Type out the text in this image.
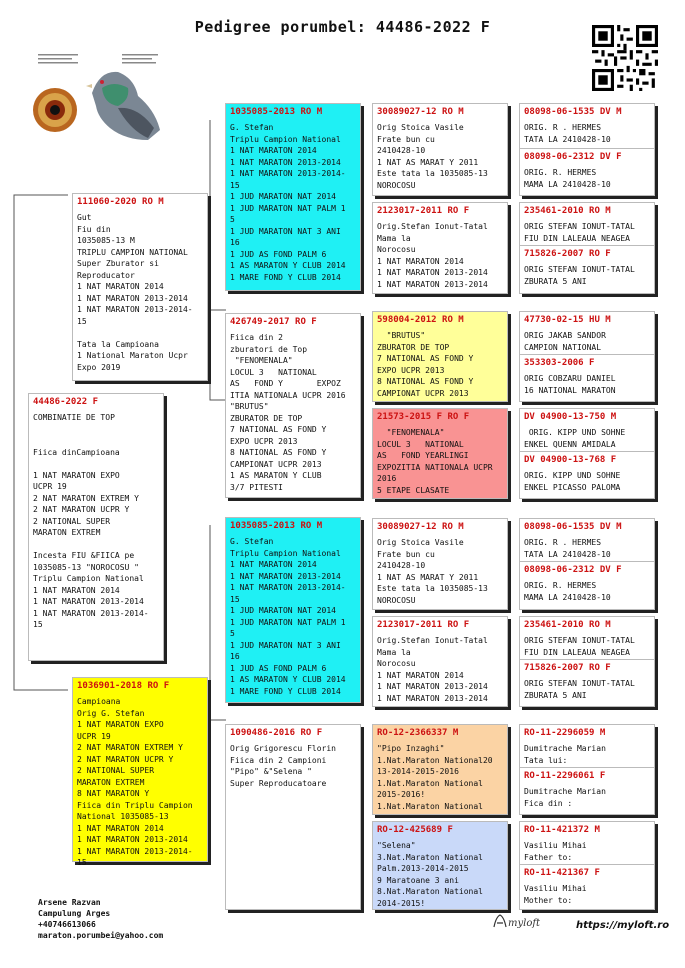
Pedigree porumbel: 44486-2022 F
44486-2022 F

COMBINATIE DE TOP

Fiica dinCampioana

1 NAT MARATON EXPO
UCPR 19
2 NAT MARATON EXTREM Y
2 NAT MARATON UCPR Y
2 NATIONAL SUPER
MARATON EXTREM

Incesta FIU &FIICA pe
1035085-13 "NOROCOSU "
Triplu Campion National
1 NAT MARATON 2014
1 NAT MARATON 2013-2014
1 NAT MARATON 2013-2014-
15

111060-2020 RO M

Gut
Fiu din
1035085-13 M
TRIPLU CAMPION NATIONAL
Super Zburator si
Reproducator
1 NAT MARATON 2014
1 NAT MARATON 2013-2014
1 NAT MARATON 2013-2014-
15

Tata la Campioana
1 National Maraton Ucpr
Expo 2019

1036901-2018 RO F

Campioana
Orig G. Stefan
1 NAT MARATON EXPO
UCPR 19
2 NAT MARATON EXTREM Y
2 NAT MARATON UCPR Y
2 NATIONAL SUPER
MARATON EXTREM
8 NAT MARATON Y
Fiica din Triplu Campion
National 1035085-13
1 NAT MARATON 2014
1 NAT MARATON 2013-2014
1 NAT MARATON 2013-2014-
15

1035085-2013 RO M

G. Stefan
Triplu Campion National
1 NAT MARATON 2014
1 NAT MARATON 2013-2014
1 NAT MARATON 2013-2014-
15
1 JUD MARATON NAT 2014
1 JUD MARATON NAT PALM 1
5
1 JUD MARATON NAT 3 ANI
16
1 JUD AS FOND PALM 6
1 AS MARATON Y CLUB 2014
1 MARE FOND Y CLUB 2014

426749-2017 RO F

Fiica din 2
zburatori de Top
"FENOMENALA"
LOCUL 3   NATIONAL
AS   FOND Y       EXPOZ
ITIA NATIONALA UCPR 2016
"BRUTUS"
ZBURATOR DE TOP
7 NATIONAL AS FOND Y
EXPO UCPR 2013
8 NATIONAL AS FOND Y
CAMPIONAT UCPR 2013
1 AS MARATON Y CLUB
3/7 PITESTI

1035085-2013 RO M

G. Stefan
Triplu Campion National
1 NAT MARATON 2014
1 NAT MARATON 2013-2014
1 NAT MARATON 2013-2014-
15
1 JUD MARATON NAT 2014
1 JUD MARATON NAT PALM 1
5
1 JUD MARATON NAT 3 ANI
16
1 JUD AS FOND PALM 6
1 AS MARATON Y CLUB 2014
1 MARE FOND Y CLUB 2014

1090486-2016 RO F

Orig Grigorescu Florin
Fiica din 2 Campioni
"Pipo" &"Selena "
Super Reproducatoare

30089027-12 RO M

Orig Stoica Vasile
Frate bun cu
2410428-10
1 NAT AS MARAT Y 2011
Este tata la 1035085-13
NOROCOSU

2123017-2011 RO F

Orig.Stefan Ionut-Tatal
Mama la
Norocosu
1 NAT MARATON 2014
1 NAT MARATON 2013-2014
1 NAT MARATON 2013-2014

598004-2012 RO M

"BRUTUS"
ZBURATOR DE TOP
7 NATIONAL AS FOND Y
EXPO UCPR 2013
8 NATIONAL AS FOND Y
CAMPIONAT UCPR 2013

21573-2015 F RO F

"FENOMENALA"
LOCUL 3   NATIONAL
AS   FOND YEARLINGI
EXPOZITIA NATIONALA UCPR
2016
5 ETAPE CLASATE

30089027-12 RO M

Orig Stoica Vasile
Frate bun cu
2410428-10
1 NAT AS MARAT Y 2011
Este tata la 1035085-13
NOROCOSU

2123017-2011 RO F

Orig.Stefan Ionut-Tatal
Mama la
Norocosu
1 NAT MARATON 2014
1 NAT MARATON 2013-2014
1 NAT MARATON 2013-2014

RO-12-2366337 M

"Pipo Inzaghi"
1.Nat.Maraton National20
13-2014-2015-2016
1.Nat.Maraton National
2015-2016!
1.Nat.Maraton National

RO-12-425689 F

"Selena"
3.Nat.Maraton National
Palm.2013-2014-2015
9 Maratoane 3 ani
8.Nat.Maraton National
2014-2015!

08098-06-1535 DV M

ORIG. R . HERMES
TATA LA 2410428-10

08098-06-2312 DV F

ORIG. R. HERMES
MAMA LA 2410428-10

235461-2010 RO M

ORIG STEFAN IONUT-TATAL
FIU DIN LALEAUA NEAGEA

715826-2007 RO F

ORIG STEFAN IONUT-TATAL
ZBURATA 5 ANI

47730-02-15 HU M

ORIG JAKAB SANDOR
CAMPION NATIONAL

353303-2006 F

ORIG COBZARU DANIEL
16 NATIONAL MARATON

DV 04900-13-750 M

ORIG. KIPP UND SOHNE
ENKEL QUENN AMIDALA

DV 04900-13-768 F

ORIG. KIPP UND SOHNE
ENKEL PICASSO PALOMA

08098-06-1535 DV M

ORIG. R . HERMES
TATA LA 2410428-10

08098-06-2312 DV F

ORIG. R. HERMES
MAMA LA 2410428-10

235461-2010 RO M

ORIG STEFAN IONUT-TATAL
FIU DIN LALEAUA NEAGEA

715826-2007 RO F

ORIG STEFAN IONUT-TATAL
ZBURATA 5 ANI

RO-11-2296059 M

Dumitrache Marian
Tata lui:

RO-11-2296061 F

Dumitrache Marian
Fica din :

RO-11-421372 M

Vasiliu Mihai
Father to:

RO-11-421367 F

Vasiliu Mihai
Mother to:

Arsene Razvan
Campulung Arges
+40746613066
maraton.porumbei@yahoo.com
myloft	https://myloft.ro
